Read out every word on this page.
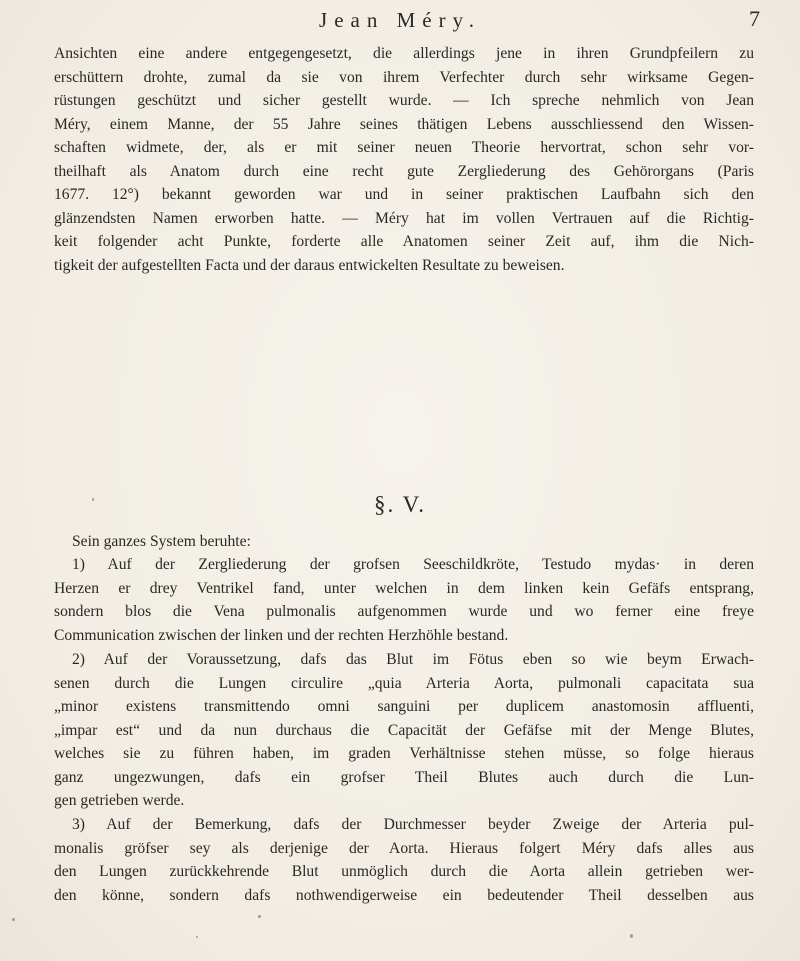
Jean Méry.	7
Ansichten eine andere entgegengesetzt, die allerdings jene in ihren Grundpfeilern zu
erschüttern drohte, zumal da sie von ihrem Verfechter durch sehr wirksame Gegen-
rüstungen geschützt und sicher gestellt wurde. — Ich spreche nehmlich von Jean
Méry, einem Manne, der 55 Jahre seines thätigen Lebens ausschliessend den Wissen-
schaften widmete, der, als er mit seiner neuen Theorie hervortrat, schon sehr vor-
theilhaft als Anatom durch eine recht gute Zergliederung des Gehörorgans (Paris
1677. 12°) bekannt geworden war und in seiner praktischen Laufbahn sich den
glänzendsten Namen erworben hatte. — Méry hat im vollen Vertrauen auf die Richtig-
keit folgender acht Punkte, forderte alle Anatomen seiner Zeit auf, ihm die Nich-
tigkeit der aufgestellten Facta und der daraus entwickelten Resultate zu beweisen.
§. V.
Sein ganzes System beruhte:
1) Auf der Zergliederung der grofsen Seeschildkröte, Testudo mydas· in deren
Herzen er drey Ventrikel fand, unter welchen in dem linken kein Gefäfs entsprang,
sondern blos die Vena pulmonalis aufgenommen wurde und wo ferner eine freye
Communication zwischen der linken und der rechten Herzhöhle bestand.
2) Auf der Voraussetzung, dafs das Blut im Fötus eben so wie beym Erwach-
senen durch die Lungen circulire „quia Arteria Aorta, pulmonali capacitata sua
„minor existens transmittendo omni sanguini per duplicem anastomosin affluenti,
„impar est“ und da nun durchaus die Capacität der Gefäfse mit der Menge Blutes,
welches sie zu führen haben, im graden Verhältnisse stehen müsse, so folge hieraus
ganz ungezwungen, dafs ein grofser Theil Blutes auch durch die Lun-
gen getrieben werde.
3) Auf der Bemerkung, dafs der Durchmesser beyder Zweige der Arteria pul-
monalis gröfser sey als derjenige der Aorta. Hieraus folgert Méry dafs alles aus
den Lungen zurückkehrende Blut unmöglich durch die Aorta allein getrieben wer-
den könne, sondern dafs nothwendigerweise ein bedeutender Theil desselben aus
